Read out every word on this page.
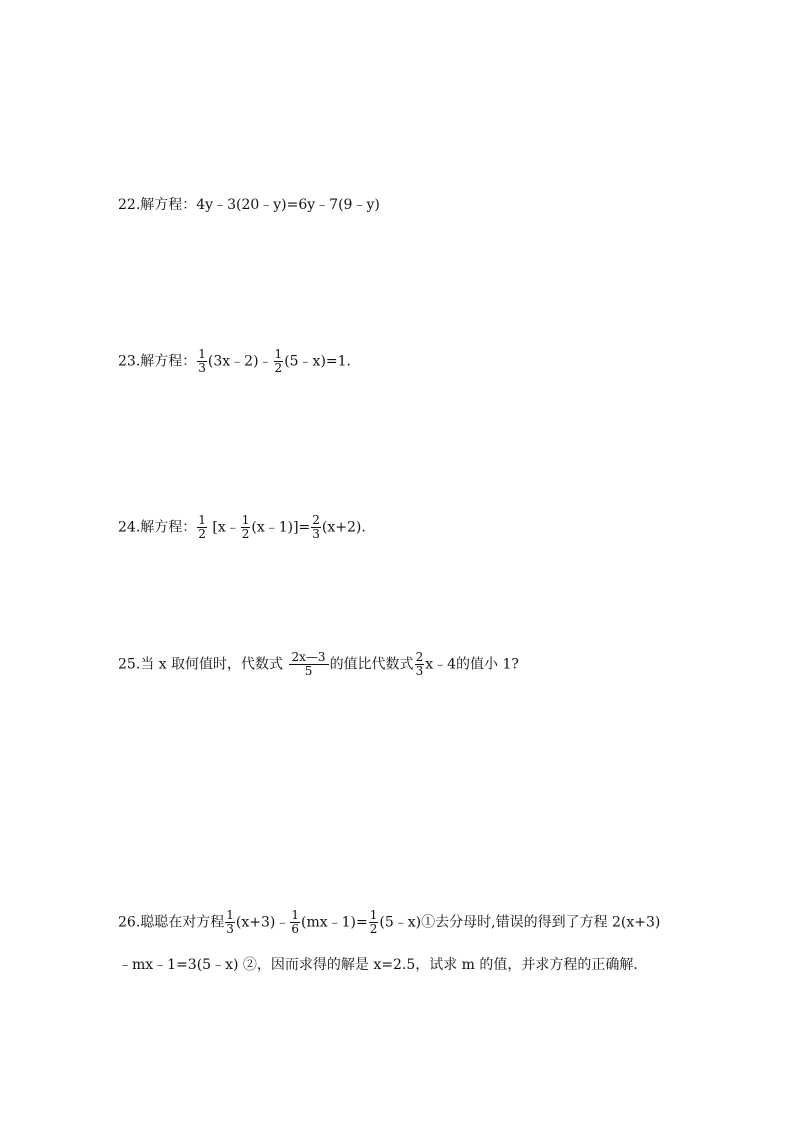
22.解方程：4y﹣3(20﹣y)=6y﹣7(9﹣y)
23.解方程： $\frac{1}{3}$ (3x﹣2)﹣ $\frac{1}{2}$ (5﹣x)=1.
24.解方程： $\frac{1}{2}$ [x﹣ $\frac{1}{2}$ (x﹣1)]= $\frac{2}{3} (x+2)$.
25.当 x 取何值时，代数式 $\frac{2x—3}{5}$ 的值比代数式 $\frac{2}{3}$ x﹣4的值小 1?
26.聪聪在对方程 $\frac{1}{3}$ (x+3)﹣ $\frac{1}{6}$ (mx﹣1)= $\frac{1}{2}$ (5﹣x)①去分母时,错误的得到了方程 2(x+3)
﹣mx﹣1=3(5﹣x) ②，因而求得的解是 x=2.5，试求 m 的值，并求方程的正确解.
